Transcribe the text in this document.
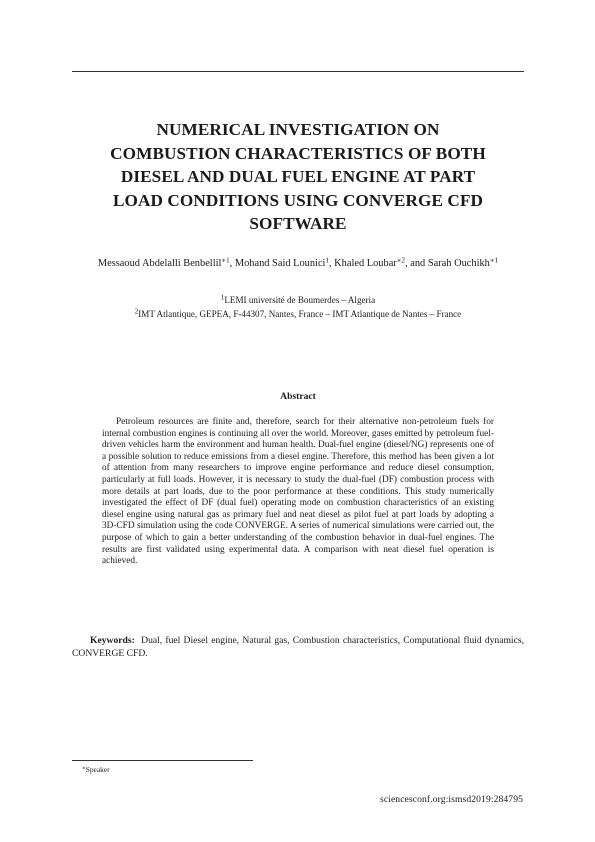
NUMERICAL INVESTIGATION ON
COMBUSTION CHARACTERISTICS OF BOTH
DIESEL AND DUAL FUEL ENGINE AT PART
LOAD CONDITIONS USING CONVERGE CFD
SOFTWARE
Messaoud Abdelalli Benbellil$^{∗1}$, Mohand Said Lounici$^1$, Khaled Loubar$^{∗2}$, and Sarah Ouchikh$^{∗1}$
$^1$LEMI université de Boumerdes – Algeria
$^2$IMT Atlantique, GEPEA, F-44307, Nantes, France – IMT Atlantique de Nantes – France
Abstract

Petroleum resources are finite and, therefore, search for their alternative non-petroleum fuels for internal combustion engines is continuing all over the world. Moreover, gases emitted by petroleum fuel-driven vehicles harm the environment and human health. Dual-fuel engine (diesel/NG) represents one of a possible solution to reduce emissions from a diesel engine. Therefore, this method has been given a lot of attention from many researchers to improve engine performance and reduce diesel consumption, particularly at full loads. However, it is necessary to study the dual-fuel (DF) combustion process with more details at part loads, due to the poor performance at these conditions. This study numerically investigated the effect of DF (dual fuel) operating mode on combustion characteristics of an existing diesel engine using natural gas as primary fuel and neat diesel as pilot fuel at part loads by adopting a 3D-CFD simulation using the code CONVERGE. A series of numerical simulations were carried out, the purpose of which to gain a better understanding of the combustion behavior in dual-fuel engines. The results are first validated using experimental data. A comparison with neat diesel fuel operation is achieved.

Keywords: Dual, fuel Diesel engine, Natural gas, Combustion characteristics, Computational fluid dynamics, CONVERGE CFD.

∗Speaker
sciencesconf.org:ismsd2019:284795
